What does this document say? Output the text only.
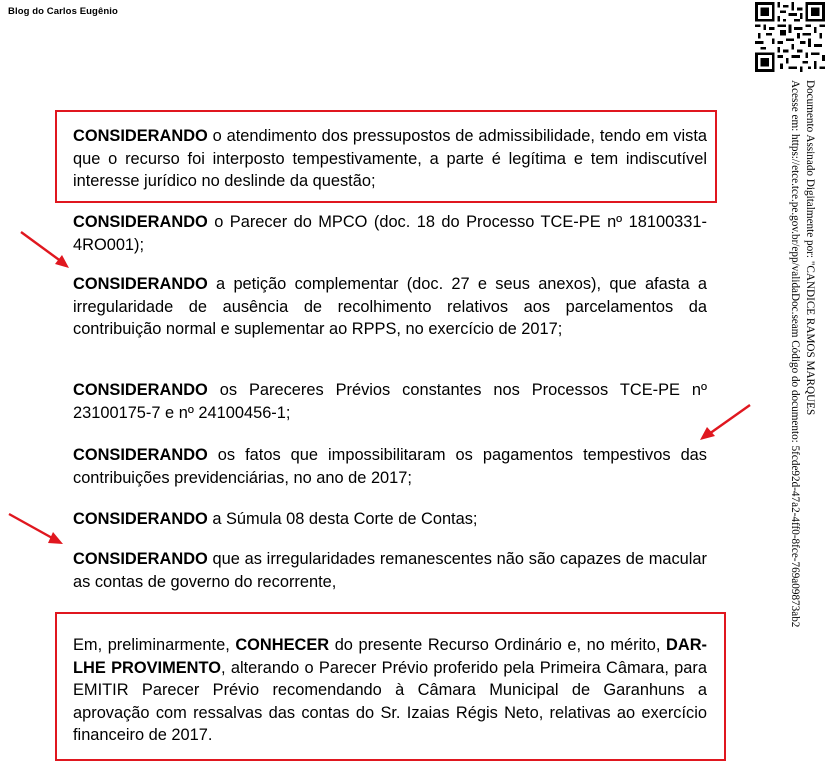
Blog do Carlos Eugênio
Documento Assinado Digitalmente por: "CANDICE RAMOS MARQUES
Acesse em: https://etce.tce.pe.gov.br/epp/validaDoc.seam Código do documento: 5fcde92d-47a2-4ff0-8fce-769a09873ab2
CONSIDERANDO o atendimento dos pressupostos de admissibilidade, tendo em vista que o recurso foi interposto tempestivamente, a parte é legítima e tem indiscutível interesse jurídico no deslinde da questão;
CONSIDERANDO o Parecer do MPCO (doc. 18 do Processo TCE-PE nº 18100331-4RO001);
CONSIDERANDO a petição complementar (doc. 27 e seus anexos), que afasta a irregularidade de ausência de recolhimento relativos aos parcelamentos da contribuição normal e suplementar ao RPPS, no exercício de 2017;
CONSIDERANDO os Pareceres Prévios constantes nos Processos TCE-PE nº 23100175-7 e nº 24100456-1;
CONSIDERANDO os fatos que impossibilitaram os pagamentos tempestivos das contribuições previdenciárias, no ano de 2017;
CONSIDERANDO a Súmula 08 desta Corte de Contas;
CONSIDERANDO que as irregularidades remanescentes não são capazes de macular as contas de governo do recorrente,
Em, preliminarmente, CONHECER do presente Recurso Ordinário e, no mérito, DAR-LHE PROVIMENTO, alterando o Parecer Prévio proferido pela Primeira Câmara, para EMITIR Parecer Prévio recomendando à Câmara Municipal de Garanhuns a aprovação com ressalvas das contas do Sr. Izaias Régis Neto, relativas ao exercício financeiro de 2017.
